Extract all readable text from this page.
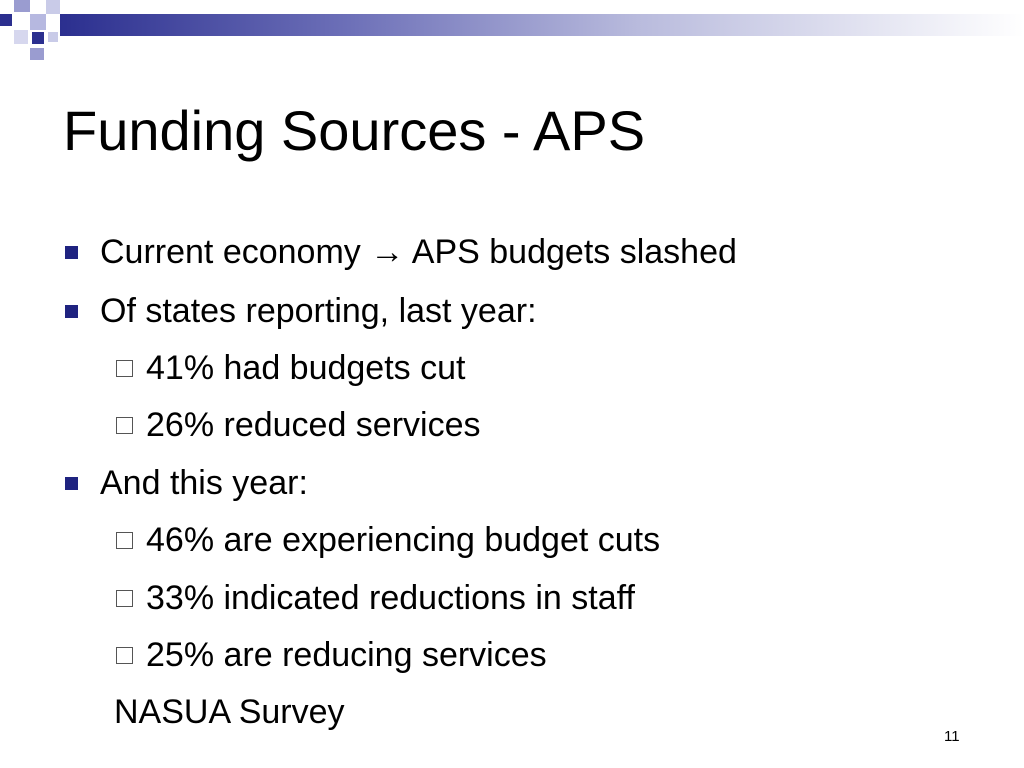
Funding Sources - APS
Current economy → APS budgets slashed
Of states reporting, last year:
41% had budgets cut
26% reduced services
And this year:
46% are experiencing budget cuts
33% indicated reductions in staff
25% are reducing services
NASUA Survey
11
